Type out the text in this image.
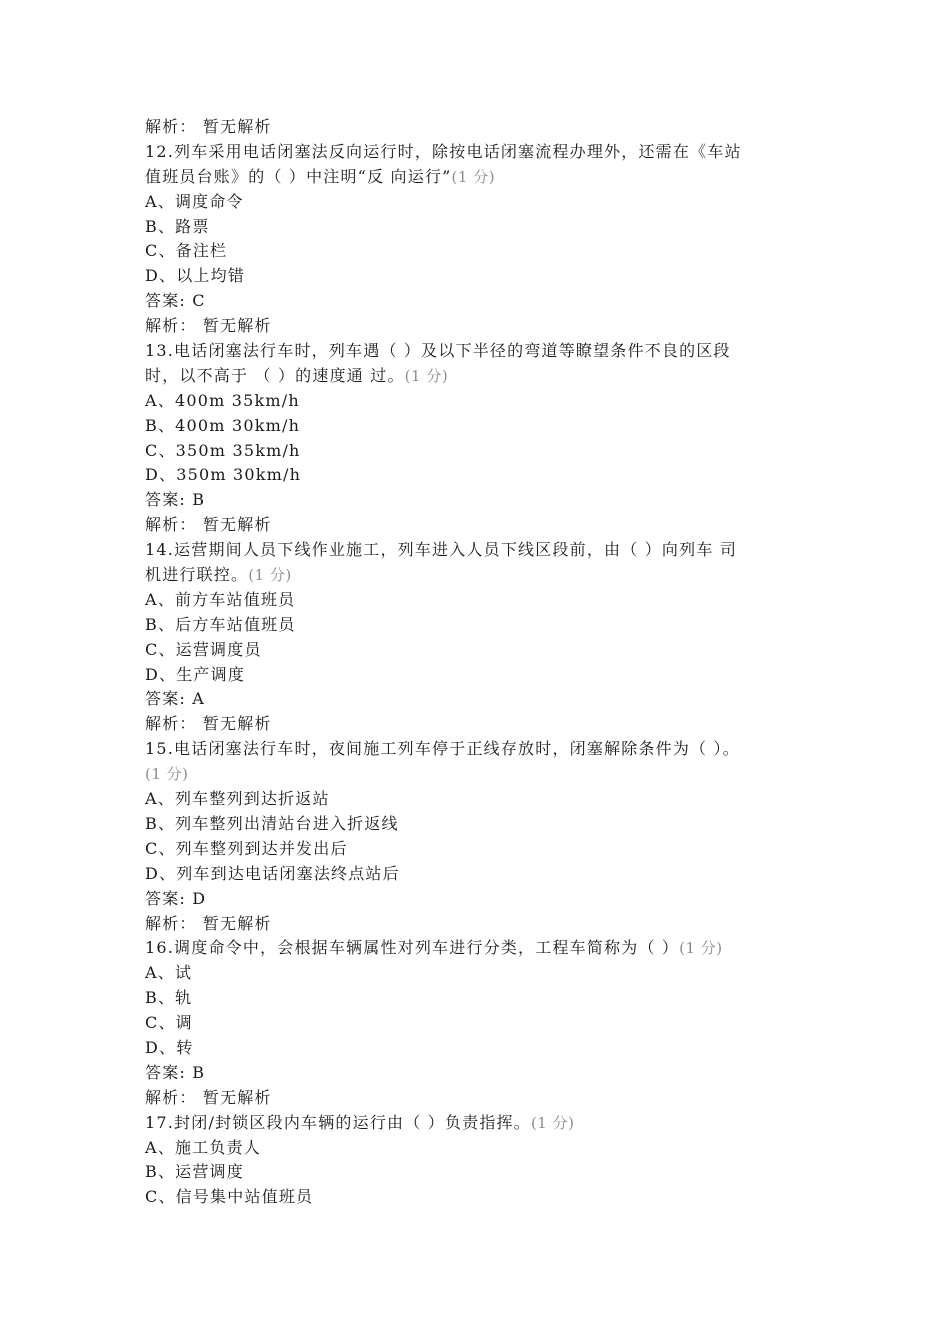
解析： 暂无解析
12.列车采用电话闭塞法反向运行时，除按电话闭塞流程办理外，还需在《车站
值班员台账》的（ ）中注明“反 向运行”(1 分)
A、调度命令
B、路票
C、备注栏
D、以上均错
答案: C
解析： 暂无解析
13.电话闭塞法行车时，列车遇（ ）及以下半径的弯道等瞭望条件不良的区段
时，以不高于 （ ）的速度通 过。(1 分)
A、400m 35km/h
B、400m 30km/h
C、350m 35km/h
D、350m 30km/h
答案: B
解析： 暂无解析
14.运营期间人员下线作业施工，列车进入人员下线区段前，由（ ）向列车 司
机进行联控。(1 分)
A、前方车站值班员
B、后方车站值班员
C、运营调度员
D、生产调度
答案: A
解析： 暂无解析
15.电话闭塞法行车时，夜间施工列车停于正线存放时，闭塞解除条件为（ ）。
(1 分)
A、列车整列到达折返站
B、列车整列出清站台进入折返线
C、列车整列到达并发出后
D、列车到达电话闭塞法终点站后
答案: D
解析： 暂无解析
16.调度命令中，会根据车辆属性对列车进行分类，工程车简称为（ ）(1 分)
A、试
B、轨
C、调
D、转
答案: B
解析： 暂无解析
17.封闭/封锁区段内车辆的运行由（ ）负责指挥。(1 分)
A、施工负责人
B、运营调度
C、信号集中站值班员
